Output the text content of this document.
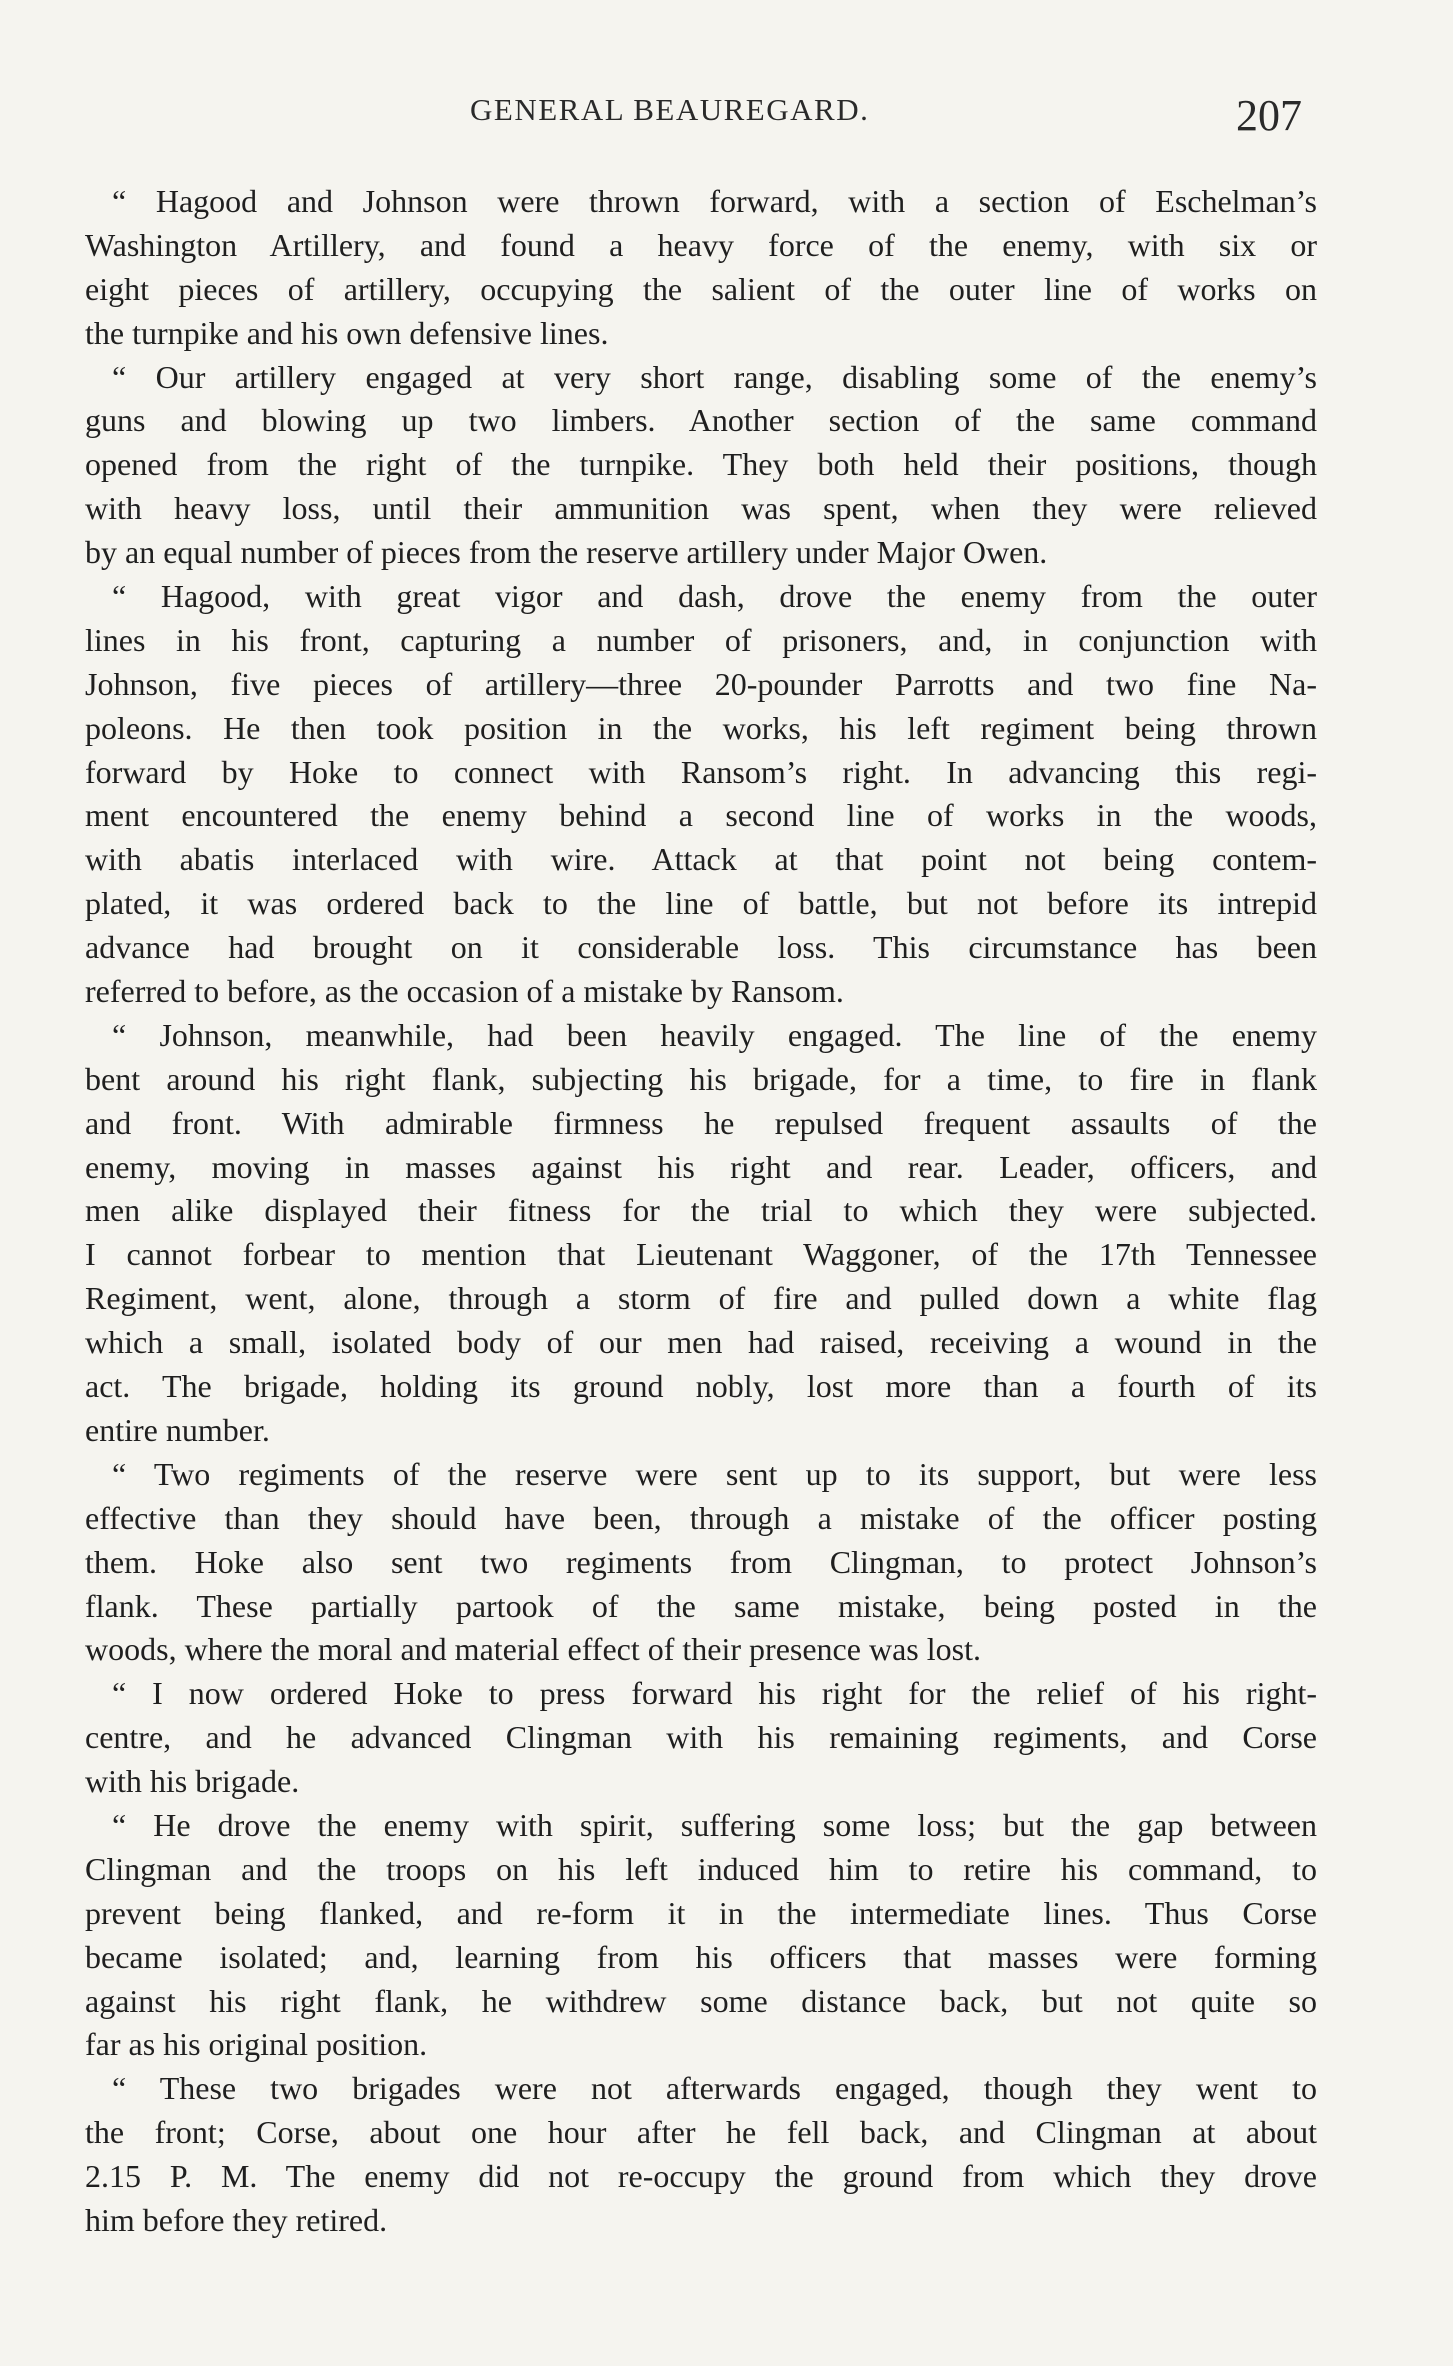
GENERAL BEAUREGARD.	207
“ Hagood and Johnson were thrown forward, with a section of Eschelman’s
Washington Artillery, and found a heavy force of the enemy, with six or
eight pieces of artillery, occupying the salient of the outer line of works on
the turnpike and his own defensive lines.
“ Our artillery engaged at very short range, disabling some of the enemy’s
guns and blowing up two limbers. Another section of the same command
opened from the right of the turnpike. They both held their positions, though
with heavy loss, until their ammunition was spent, when they were relieved
by an equal number of pieces from the reserve artillery under Major Owen.
“ Hagood, with great vigor and dash, drove the enemy from the outer
lines in his front, capturing a number of prisoners, and, in conjunction with
Johnson, five pieces of artillery—three 20-pounder Parrotts and two fine Na-
poleons. He then took position in the works, his left regiment being thrown
forward by Hoke to connect with Ransom’s right. In advancing this regi-
ment encountered the enemy behind a second line of works in the woods,
with abatis interlaced with wire. Attack at that point not being contem-
plated, it was ordered back to the line of battle, but not before its intrepid
advance had brought on it considerable loss. This circumstance has been
referred to before, as the occasion of a mistake by Ransom.
“ Johnson, meanwhile, had been heavily engaged. The line of the enemy
bent around his right flank, subjecting his brigade, for a time, to fire in flank
and front. With admirable firmness he repulsed frequent assaults of the
enemy, moving in masses against his right and rear. Leader, officers, and
men alike displayed their fitness for the trial to which they were subjected.
I cannot forbear to mention that Lieutenant Waggoner, of the 17th Tennessee
Regiment, went, alone, through a storm of fire and pulled down a white flag
which a small, isolated body of our men had raised, receiving a wound in the
act. The brigade, holding its ground nobly, lost more than a fourth of its
entire number.
“ Two regiments of the reserve were sent up to its support, but were less
effective than they should have been, through a mistake of the officer posting
them. Hoke also sent two regiments from Clingman, to protect Johnson’s
flank. These partially partook of the same mistake, being posted in the
woods, where the moral and material effect of their presence was lost.
“ I now ordered Hoke to press forward his right for the relief of his right-
centre, and he advanced Clingman with his remaining regiments, and Corse
with his brigade.
“ He drove the enemy with spirit, suffering some loss; but the gap between
Clingman and the troops on his left induced him to retire his command, to
prevent being flanked, and re-form it in the intermediate lines. Thus Corse
became isolated; and, learning from his officers that masses were forming
against his right flank, he withdrew some distance back, but not quite so
far as his original position.
“ These two brigades were not afterwards engaged, though they went to
the front; Corse, about one hour after he fell back, and Clingman at about
2.15 P. M. The enemy did not re-occupy the ground from which they drove
him before they retired.
